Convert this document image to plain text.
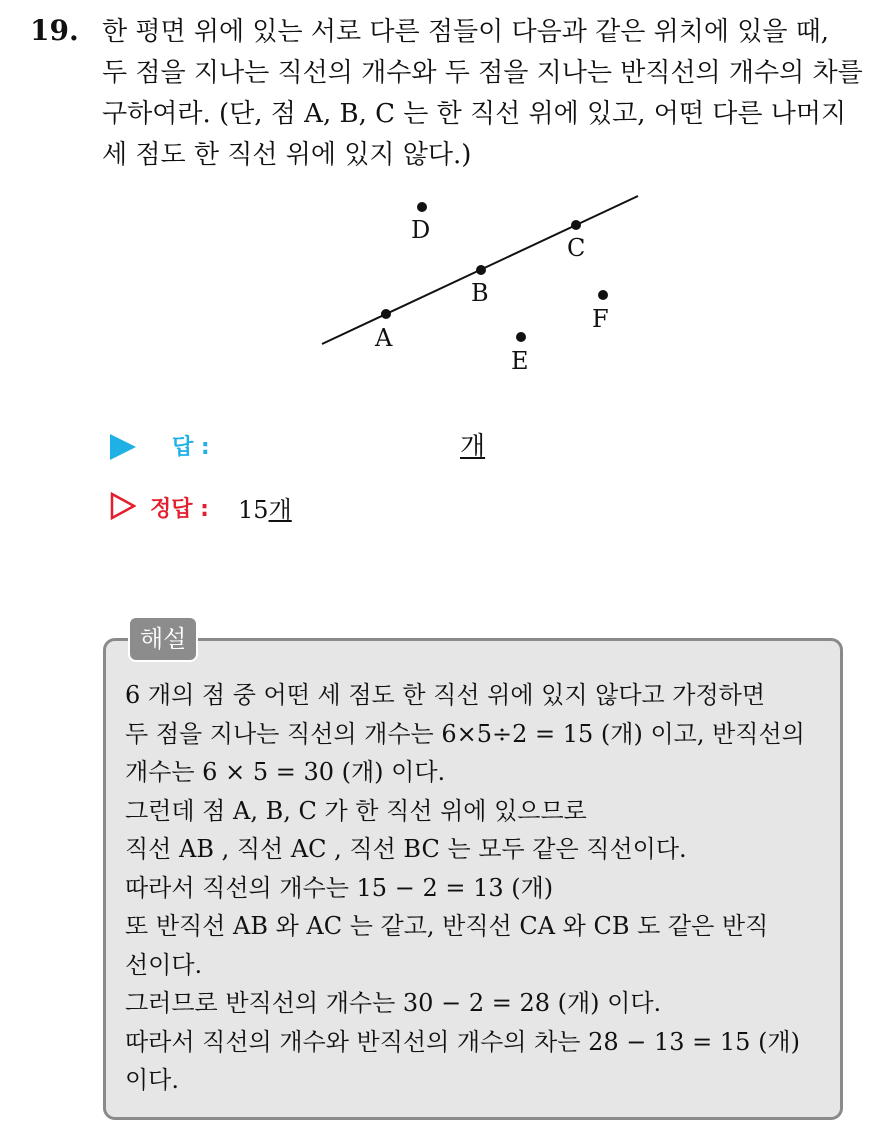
19. 한 평면 위에 있는 서로 다른 점들이 다음과 같은 위치에 있을 때,
두 점을 지나는 직선의 개수와 두 점을 지나는 반직선의 개수의 차를
구하여라. (단, 점 A, B, C 는 한 직선 위에 있고, 어떤 다른 나머지
세 점도 한 직선 위에 있지 않다.)
A
B
C
D
E
F
답 :	개
정답 : 15개
해설
6 개의 점 중 어떤 세 점도 한 직선 위에 있지 않다고 가정하면
두 점을 지나는 직선의 개수는 6×5÷2 = 15 (개) 이고, 반직선의
개수는 6 × 5 = 30 (개) 이다.
그런데 점 A, B, C 가 한 직선 위에 있으므로
직선 AB , 직선 AC , 직선 BC 는 모두 같은 직선이다.
따라서 직선의 개수는 15 − 2 = 13 (개)
또 반직선 AB 와 AC 는 같고, 반직선 CA 와 CB 도 같은 반직
선이다.
그러므로 반직선의 개수는 30 − 2 = 28 (개) 이다.
따라서 직선의 개수와 반직선의 개수의 차는 28 − 13 = 15 (개)
이다.
